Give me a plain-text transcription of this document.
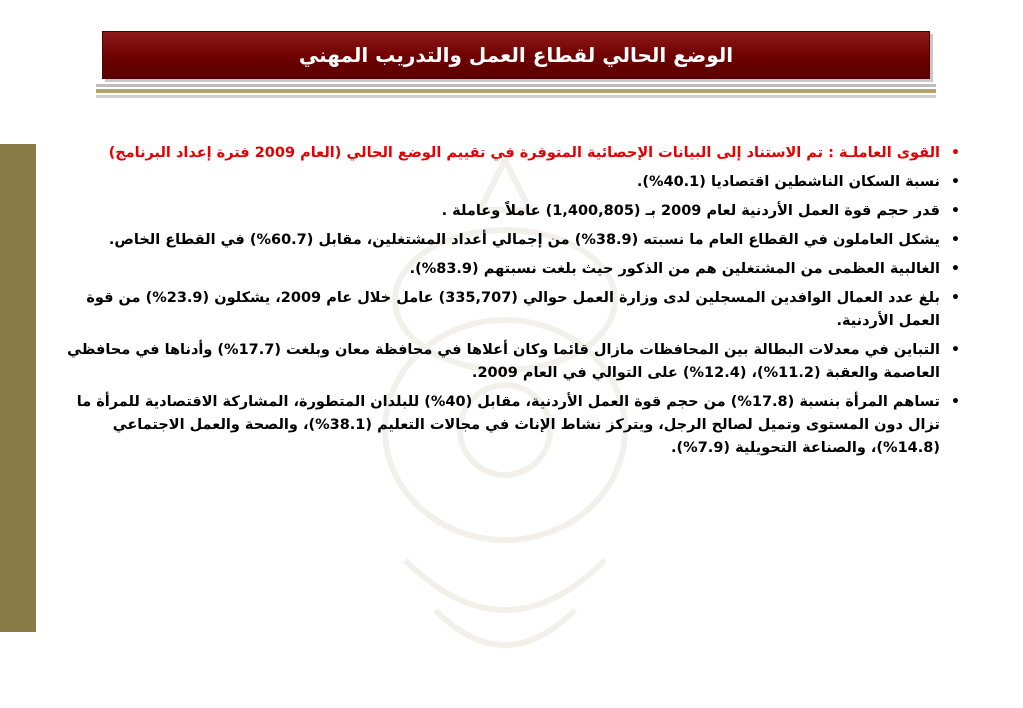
الوضع الحالي لقطاع العمل والتدريب المهني
•
القوى العاملـة : تم الاستناد إلى البيانات الإحصائية المتوفرة في تقييم الوضع الحالي (العام 2009 فترة إعداد البرنامج)
•
نسبة السكان الناشطين اقتصاديا (40.1%).
•
قدر حجم قوة العمل الأردنية لعام 2009 بـ (1,400,805) عاملاً وعاملة .
•
يشكل العاملون في القطاع العام ما نسبته (38.9%) من إجمالي أعداد المشتغلين، مقابل (60.7%) في القطاع الخاص.
•
الغالبية العظمى من المشتغلين هم من الذكور حيث بلغت نسبتهم (83.9%).
•
بلغ عدد العمال الوافدين المسجلين لدى وزارة العمل حوالي (335,707) عامل خلال عام 2009، يشكلون (23.9%) من قوة العمل الأردنية.
•
التباين في معدلات البطالة بين المحافظات مازال قائما وكان أعلاها في محافظة معان وبلغت (17.7%) وأدناها في محافظي العاصمة والعقبة (11.2%)، (12.4%) على التوالي في العام 2009.
•
تساهم المرأة بنسبة (17.8%) من حجم قوة العمل الأردنية، مقابل (40%) للبلدان المتطورة، المشاركة الاقتصادية للمرأة ما تزال دون المستوى وتميل لصالح الرجل، ويتركز نشاط الإناث في مجالات التعليم (38.1%)، والصحة والعمل الاجتماعي (14.8%)، والصناعة التحويلية (7.9%).
